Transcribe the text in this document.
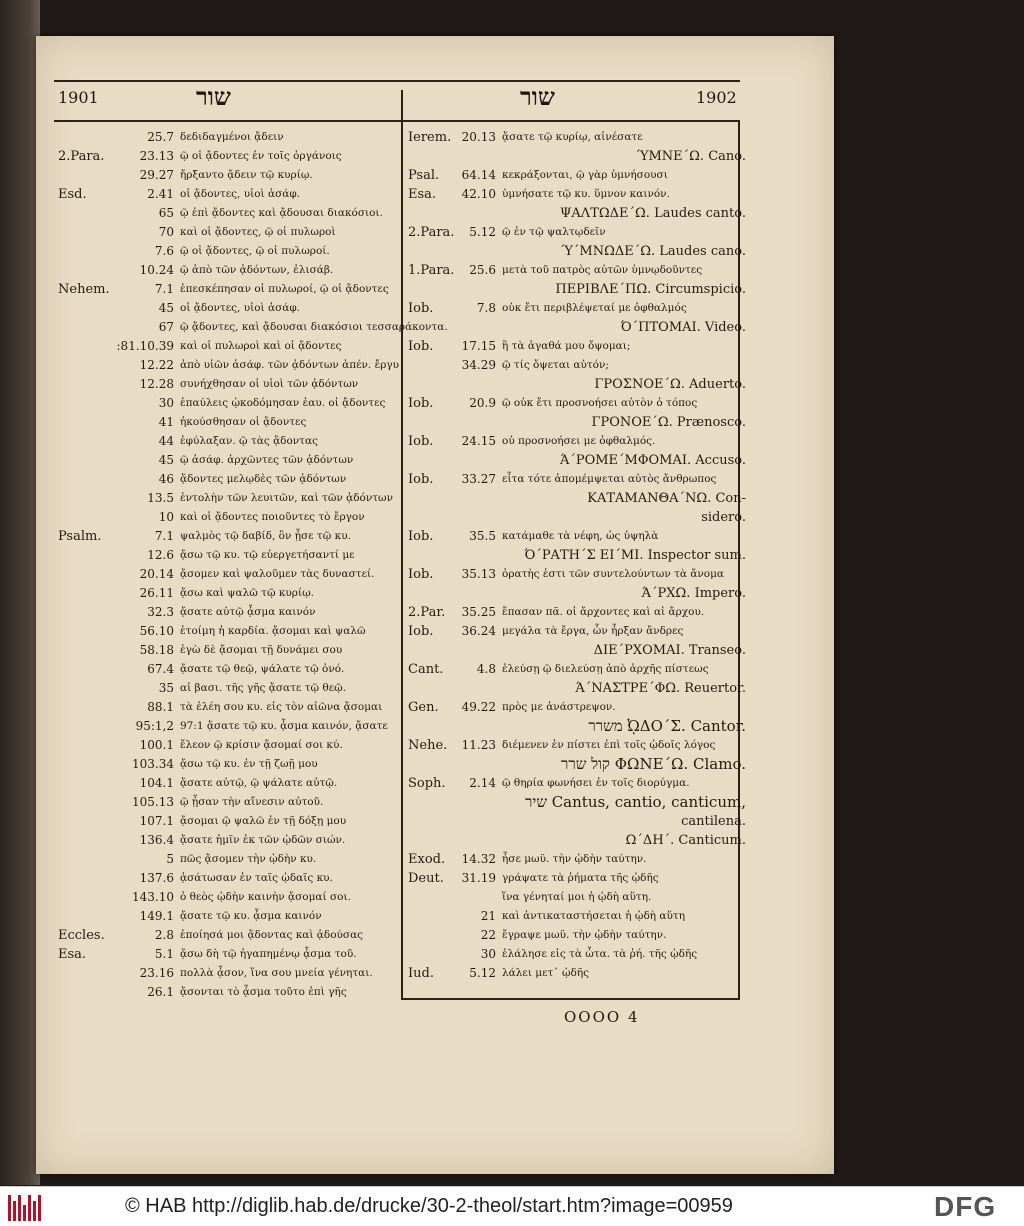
1901	שור	שור	1902
25.7 δεδιδαγμένοι ᾄδειν
2.Para.	23.13 ῷ οἱ ᾄδοντες ἐν τοῖς ὀργάνοις
29.27 ἤρξαντο ᾄδειν τῷ κυρίῳ.
Esd.	2.41 οἱ ᾄδοντες, υἱοὶ ἀσάφ.
65 ῷ ἐπὶ ᾄδοντες καὶ ᾄδουσαι διακόσιοι.
70 καὶ οἱ ᾄδοντες, ῷ οἱ πυλωροὶ
7.6 ῷ οἱ ᾄδοντες, ῷ οἱ πυλωροί.
10.24 ῷ ἀπὸ τῶν ᾀδόντων, ἐλισάβ.
Nehem.	7.1 ἐπεσκέπησαν οἱ πυλωροί, ῷ οἱ ᾄδοντες
45 οἱ ᾄδοντες, υἱοὶ ἀσάφ.
67 ῷ ᾄδοντες, καὶ ᾄδουσαι διακόσιοι τεσσαράκοντα.
:81.10.39 καὶ οἱ πυλωροὶ καὶ οἱ ᾄδοντες
12.22 ἀπὸ υἱῶν ἀσάφ. τῶν ᾀδόντων ἀπέν. ἔργυ
12.28 συνήχθησαν οἱ υἱοὶ τῶν ᾀδόντων
30 ἐπαύλεις ᾠκοδόμησαν ἑαυ. οἱ ᾄδοντες
41 ἠκούσθησαν οἱ ᾄδοντες
44 ἐφύλαξαν. ῷ τὰς ᾄδοντας
45 ῷ ἀσάφ. ἀρχῶντες τῶν ᾀδόντων
46 ᾄδοντες μελῳδὲς τῶν ᾀδόντων
13.5 ἐντολὴν τῶν λευιτῶν, καὶ τῶν ᾀδόντων
10 καὶ οἱ ᾄδοντες ποιοῦντες τὸ ἔργον
Psalm.	7.1 ψαλμὸς τῷ δαβίδ, ὃν ᾖσε τῷ κυ.
12.6 ᾄσω τῷ κυ. τῷ εὐεργετήσαντί με
20.14 ᾄσομεν καὶ ψαλοῦμεν τὰς δυναστεί.
26.11 ᾄσω καὶ ψαλῶ τῷ κυρίῳ.
32.3 ᾄσατε αὐτῷ ᾆσμα καινόν
56.10 ἑτοίμη ἡ καρδία. ᾄσομαι καὶ ψαλῶ
58.18 ἐγὼ δὲ ᾄσομαι τῇ δυνάμει σου
67.4 ᾄσατε τῷ θεῷ, ψάλατε τῷ ὀνό.
35 αἱ βασι. τῆς γῆς ᾄσατε τῷ θεῷ.
88.1 τὰ ἐλέη σου κυ. εἰς τὸν αἰῶνα ᾄσομαι
95:1,2 97:1 ᾄσατε τῷ κυ. ᾆσμα καινόν, ᾄσατε
100.1 ἔλεον ῷ κρίσιν ᾄσομαί σοι κύ.
103.34 ᾄσω τῷ κυ. ἐν τῇ ζωῇ μου
104.1 ᾄσατε αὐτῷ, ῷ ψάλατε αὐτῷ.
105.13 ῷ ᾖσαν τὴν αἴνεσιν αὐτοῦ.
107.1 ᾄσομαι ῷ ψαλῶ ἐν τῇ δόξῃ μου
136.4 ᾄσατε ἡμῖν ἐκ τῶν ᾠδῶν σιών.
5 πῶς ᾄσομεν τὴν ᾠδὴν κυ.
137.6 ᾀσάτωσαν ἐν ταῖς ᾠδαῖς κυ.
143.10 ὁ θεὸς ᾠδὴν καινὴν ᾄσομαί σοι.
149.1 ᾄσατε τῷ κυ. ᾆσμα καινόν
Eccles.	2.8 ἐποίησά μοι ᾄδοντας καὶ ᾀδούσας
Esa.	5.1 ᾄσω δὴ τῷ ἠγαπημένῳ ᾆσμα τοῦ.
23.16 πολλὰ ᾆσον, ἵνα σου μνεία γένηται.
26.1 ᾄσονται τὸ ᾆσμα τοῦτο ἐπὶ γῆς
Ierem. 20.13 ᾄσατε τῷ κυρίῳ, αἰνέσατε
ΎΜΝΕ´Ω. Cano.
Psal.	64.14 κεκράξονται, ῷ γὰρ ὑμνήσουσι
Esa.	42.10 ὑμνήσατε τῷ κυ. ὕμνον καινόν.
ΨΑΛΤΩΔΕ´Ω. Laudes canto.
2.Para.	5.12 ῷ ἐν τῷ ψαλτῳδεῖν
Ύ´ΜΝΩΔΕ´Ω. Laudes cano.
1.Para.	25.6 μετὰ τοῦ πατρὸς αὐτῶν ὑμνῳδοῦντες
ΠΕΡΙΒΛΕ´ΠΩ. Circumspicio.
Iob.	7.8 οὐκ ἔτι περιβλέψεταί με ὀφθαλμός
Ό´ΠΤΟΜΑΙ. Video.
Iob.	17.15 ἢ τὰ ἀγαθά μου ὄψομαι;
34.29 ῷ τίς ὄψεται αὐτόν;
ΓΡΟΣΝΟΕ´Ω. Aduerto.
Iob.	20.9 ῷ οὐκ ἔτι προσνοήσει αὐτὸν ὁ τόπος
ΓΡΟΝΟΕ´Ω. Prænosco.
Iob.	24.15 οὐ προσνοήσει με ὀφθαλμός.
Ά´ΡΟΜΕ´ΜΦΟΜΑΙ. Accuso.
Iob.	33.27 εἶτα τότε ἀπομέμψεται αὐτὸς ἄνθρωπος
ΚΑΤΑΜΑΝΘΑ´ΝΩ. Con-
sidero.
Iob.	35.5 κατάμαθε τὰ νέφη, ὡς ὑψηλὰ
Ό´ΡΑΤΗ´Σ ΕΙ´ΜΙ. Inspector sum.
Iob.	35.13 ὁρατὴς ἐστι τῶν συντελούντων τὰ ἄνομα
Ά´ΡΧΩ. Impero.
2.Par.	35.25 ἔπασαν πᾶ. οἱ ἄρχοντες καὶ αἱ ἄρχου.
Iob.	36.24 μεγάλα τὰ ἔργα, ὧν ἦρξαν ἄνδρες
ΔΙΕ´ΡΧΟΜΑΙ. Transeo.
Cant.	4.8 ἐλεύσῃ ῷ διελεύσῃ ἀπὸ ἀρχῆς πίστεως
Ά´ΝΑΣΤΡΕ´ΦΩ. Reuertor.
Gen.	49.22 πρὸς με ἀνάστρεψον.
משרר ᾨΔΟ´Σ. Cantor.
Nehe.	11.23 διέμενεν ἐν πίστει ἐπὶ τοῖς ᾠδοῖς λόγος
קול שרר ΦΩΝΕ´Ω. Clamo.
Soph.	2.14 ῷ θηρία φωνήσει ἐν τοῖς διορύγμα.
שיר Cantus, cantio, canticum,
cantilena.
Ω´ΔΗ´. Canticum.
Exod.	14.32 ἦσε μωϋ. τὴν ᾠδὴν ταύτην.
Deut.	31.19 γράψατε τὰ ῥήματα τῆς ᾠδῆς
ἵνα γένηταί μοι ἡ ᾠδὴ αὕτη.
21 καὶ ἀντικαταστήσεται ἡ ᾠδὴ αὕτη
22 ἔγραψε μωϋ. τὴν ᾠδὴν ταύτην.
30 ἐλάλησε εἰς τὰ ὦτα. τὰ ῥή. τῆς ᾠδῆς
Iud.	5.12 λάλει μετ᾽ ᾠδῆς
OOOO 4
© HAB http://diglib.hab.de/drucke/30-2-theol/start.htm?image=00959	DFG
